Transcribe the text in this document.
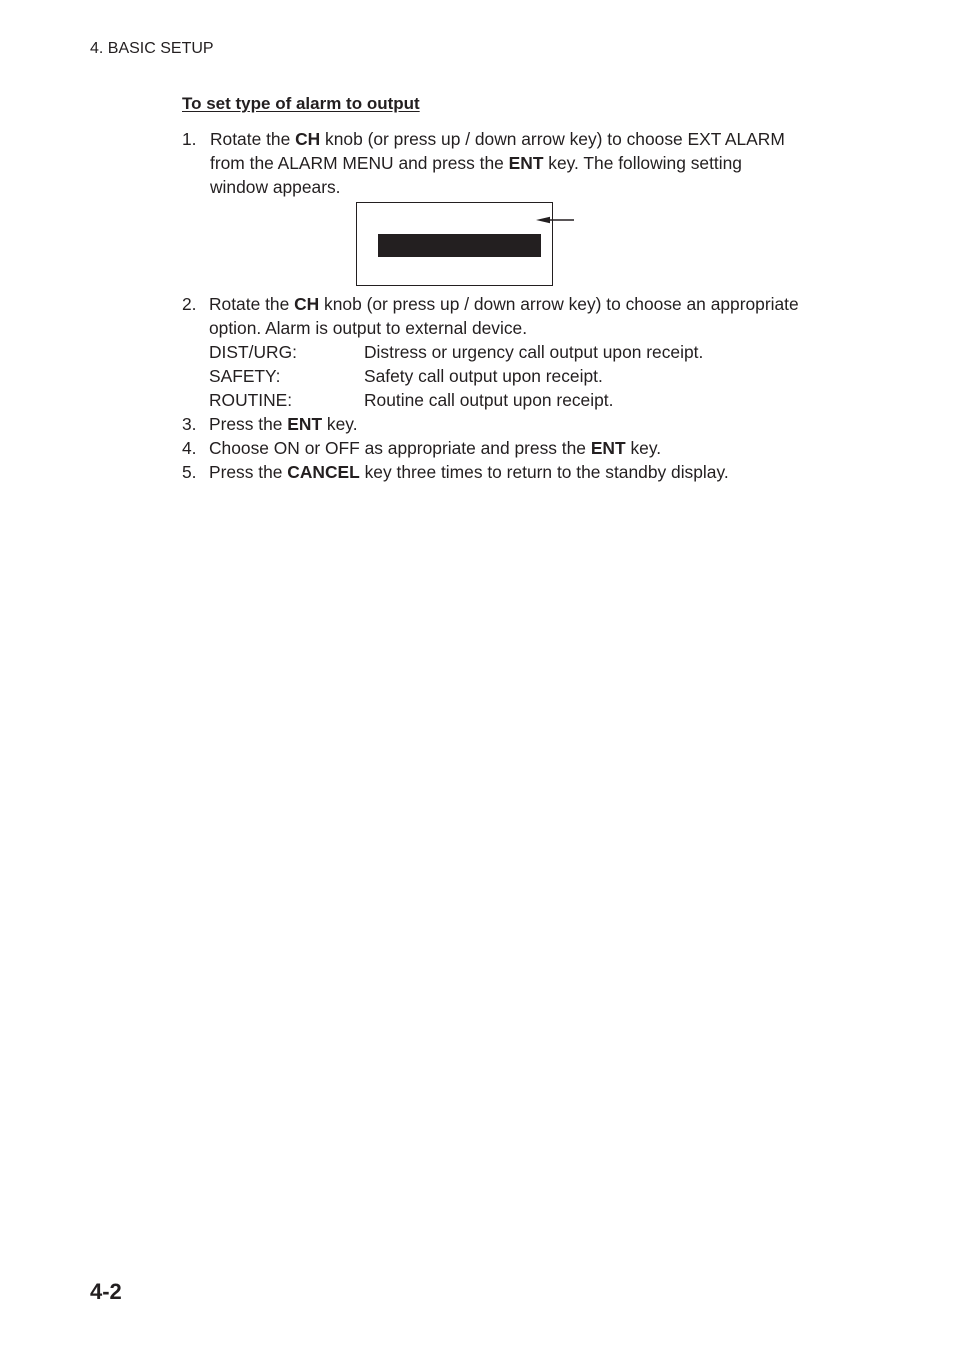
4. BASIC SETUP
To set type of alarm to output
1. Rotate the CH knob (or press up / down arrow key) to choose EXT ALARM
from the ALARM MENU and press the ENT key. The following setting
window appears.
2. Rotate the CH knob (or press up / down arrow key) to choose an appropriate
option. Alarm is output to external device.
DIST/URG:	Distress or urgency call output upon receipt.
SAFETY:	Safety call output upon receipt.
ROUTINE:	Routine call output upon receipt.
3. Press the ENT key.
4. Choose ON or OFF as appropriate and press the ENT key.
5. Press the CANCEL key three times to return to the standby display.
4-2
